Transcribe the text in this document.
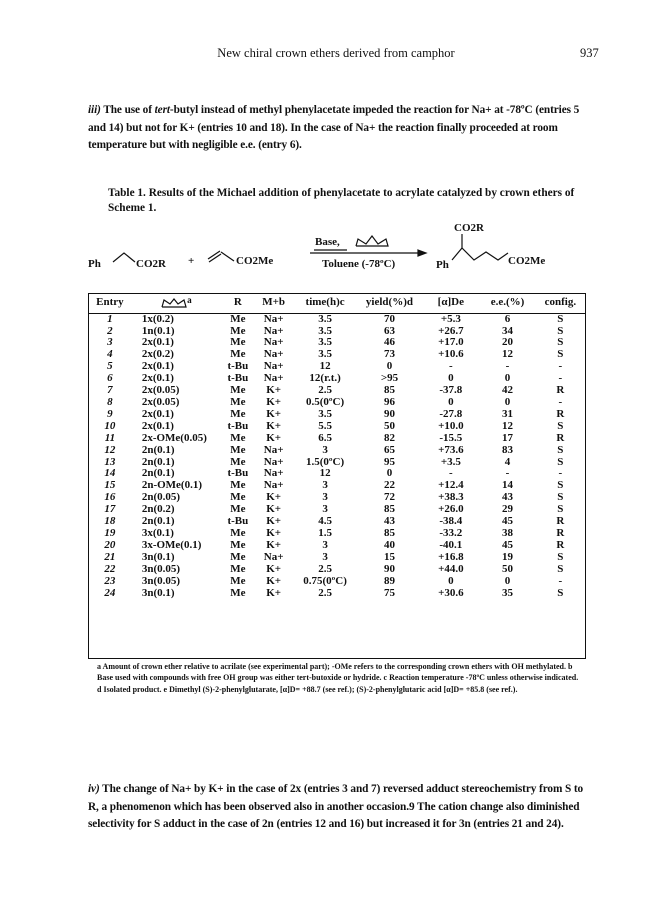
New chiral crown ethers derived from camphor	937
iii) The use of tert-butyl instead of methyl phenylacetate impeded the reaction for Na+ at -78ºC (entries 5 and 14) but not for K+ (entries 10 and 18). In the case of Na+ the reaction finally proceeded at room temperature but with negligible e.e. (entry 6).
Table 1. Results of the Michael addition of phenylacetate to acrylate catalyzed by crown ethers of Scheme 1.
Ph	CO2R +	CO2Me
Base,
Toluene (-78ºC)
CO2R
Ph	CO2Me
Entry	$^a$	R	M+b	time(h)c	yield(%)d	[α]De	e.e.(%)	config.
1	1x(0.2)	Me	Na+	3.5	70	+5.3	6	S
2	1n(0.1)	Me	Na+	3.5	63	+26.7	34	S
3	2x(0.1)	Me	Na+	3.5	46	+17.0	20	S
4	2x(0.2)	Me	Na+	3.5	73	+10.6	12	S
5	2x(0.1)	t-Bu	Na+	12	0	-	-	-
6	2x(0.1)	t-Bu	Na+	12(r.t.)	>95	0	0	-
7	2x(0.05)	Me	K+	2.5	85	-37.8	42	R
8	2x(0.05)	Me	K+	0.5(0ºC)	96	0	0	-
9	2x(0.1)	Me	K+	3.5	90	-27.8	31	R
10	2x(0.1)	t-Bu	K+	5.5	50	+10.0	12	S
11	2x-OMe(0.05)	Me	K+	6.5	82	-15.5	17	R
12	2n(0.1)	Me	Na+	3	65	+73.6	83	S
13	2n(0.1)	Me	Na+	1.5(0ºC)	95	+3.5	4	S
14	2n(0.1)	t-Bu	Na+	12	0	-	-	-
15	2n-OMe(0.1)	Me	Na+	3	22	+12.4	14	S
16	2n(0.05)	Me	K+	3	72	+38.3	43	S
17	2n(0.2)	Me	K+	3	85	+26.0	29	S
18	2n(0.1)	t-Bu	K+	4.5	43	-38.4	45	R
19	3x(0.1)	Me	K+	1.5	85	-33.2	38	R
20	3x-OMe(0.1)	Me	K+	3	40	-40.1	45	R
21	3n(0.1)	Me	Na+	3	15	+16.8	19	S
22	3n(0.05)	Me	K+	2.5	90	+44.0	50	S
23	3n(0.05)	Me	K+	0.75(0ºC)	89	0	0	-
24	3n(0.1)	Me	K+	2.5	75	+30.6	35	S
a Amount of crown ether relative to acrilate (see experimental part); -OMe refers to the corresponding crown ethers with OH methylated. b Base used with compounds with free OH group was either tert-butoxide or hydride. c Reaction temperature -78ºC unless otherwise indicated. d Isolated product. e Dimethyl (S)-2-phenylglutarate, [α]D= +88.7 (see ref.); (S)-2-phenylglutaric acid [α]D= +85.8 (see ref.).
iv) The change of Na+ by K+ in the case of 2x (entries 3 and 7) reversed adduct stereochemistry from S to R, a phenomenon which has been observed also in another occasion.9 The cation change also diminished selectivity for S adduct in the case of 2n (entries 12 and 16) but increased it for 3n (entries 21 and 24).
